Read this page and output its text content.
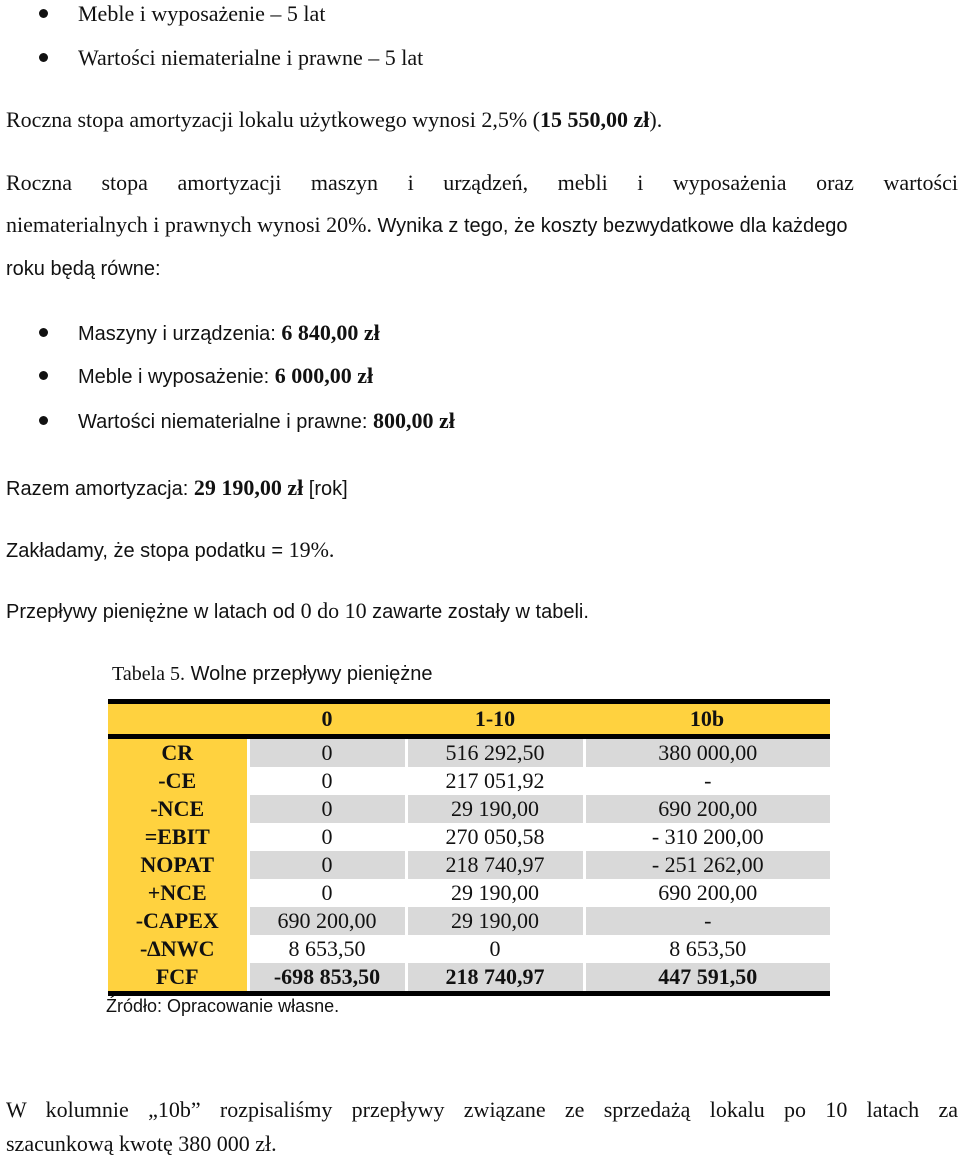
Meble i wyposażenie – 5 lat
Wartości niematerialne i prawne – 5 lat
Roczna stopa amortyzacji lokalu użytkowego wynosi 2,5% (15 550,00 zł).
Roczna stopa amortyzacji maszyn i urządzeń, mebli i wyposażenia oraz wartości
niematerialnych i prawnych wynosi 20%. Wynika z tego, że koszty bezwydatkowe dla każdego
roku będą równe:
Maszyny i urządzenia: 6 840,00 zł
Meble i wyposażenie: 6 000,00 zł
Wartości niematerialne i prawne: 800,00 zł
Razem amortyzacja: 29 190,00 zł [rok]
Zakładamy, że stopa podatku = 19%.
Przepływy pieniężne w latach od 0 do 10 zawarte zostały w tabeli.
Tabela 5. Wolne przepływy pieniężne
	0	1-10	10b
CR	0	516 292,50	380 000,00
-CE	0	217 051,92	-
-NCE	0	29 190,00	690 200,00
=EBIT	0	270 050,58	- 310 200,00
NOPAT	0	218 740,97	- 251 262,00
+NCE	0	29 190,00	690 200,00
-CAPEX	690 200,00	29 190,00	-
-∆NWC	8 653,50	0	8 653,50
FCF	-698 853,50	218 740,97	447 591,50
Źródło: Opracowanie własne.
W kolumnie „10b” rozpisaliśmy przepływy związane ze sprzedażą lokalu po 10 latach za
szacunkową kwotę 380 000 zł.
